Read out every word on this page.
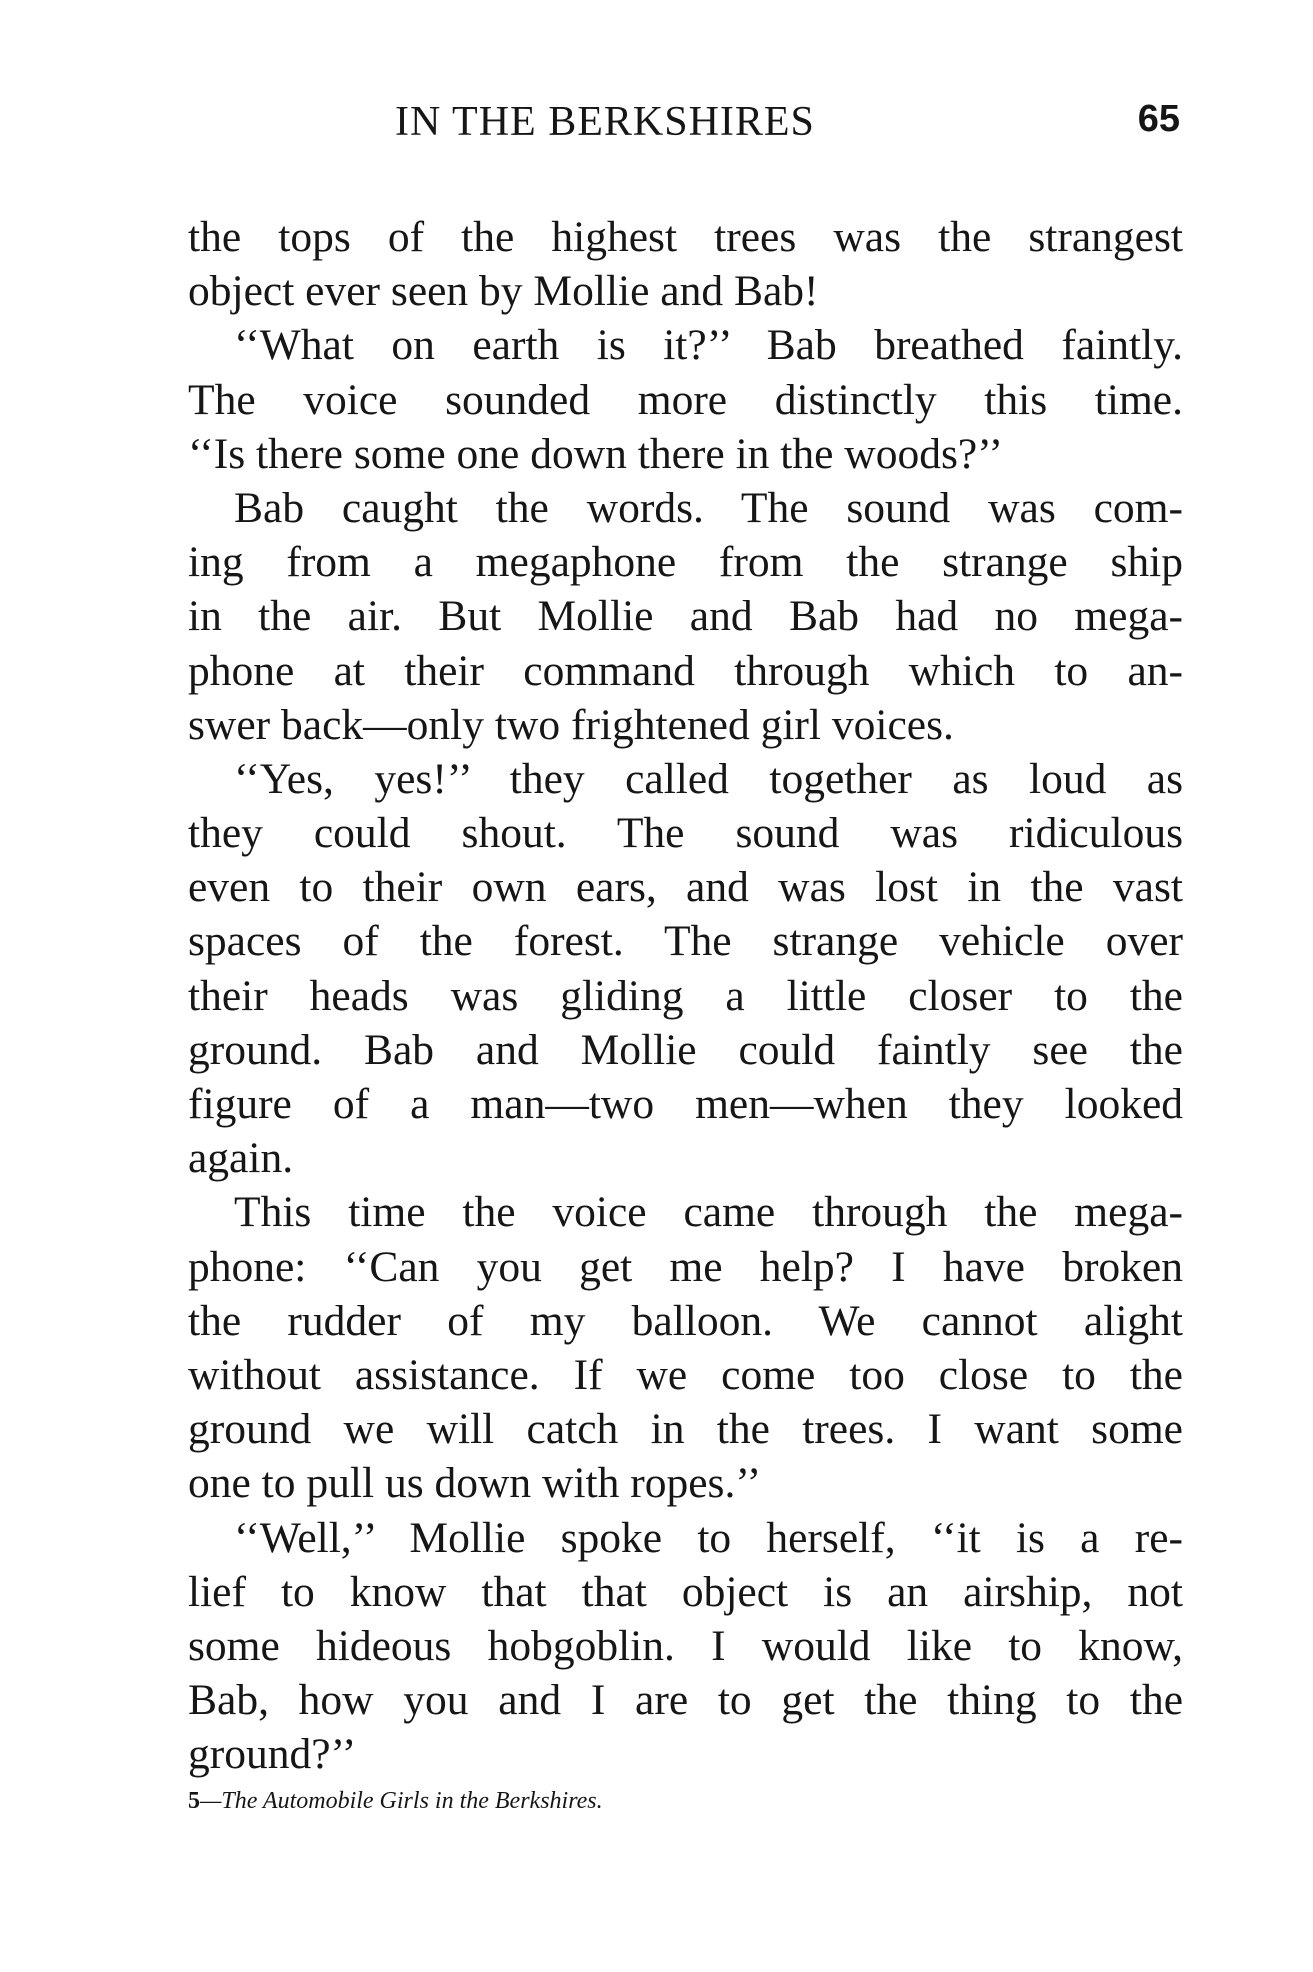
IN THE BERKSHIRES	65
the tops of the highest trees was the strangest
object ever seen by Mollie and Bab!
‘‘What on earth is it?’’ Bab breathed faintly.
The voice sounded more distinctly this time.
‘‘Is there some one down there in the woods?’’
Bab caught the words. The sound was com-
ing from a megaphone from the strange ship
in the air. But Mollie and Bab had no mega-
phone at their command through which to an-
swer back—only two frightened girl voices.
‘‘Yes, yes!’’ they called together as loud as
they could shout. The sound was ridiculous
even to their own ears, and was lost in the vast
spaces of the forest. The strange vehicle over
their heads was gliding a little closer to the
ground. Bab and Mollie could faintly see the
figure of a man—two men—when they looked
again.
This time the voice came through the mega-
phone: ‘‘Can you get me help? I have broken
the rudder of my balloon. We cannot alight
without assistance. If we come too close to the
ground we will catch in the trees. I want some
one to pull us down with ropes.’’
‘‘Well,’’ Mollie spoke to herself, ‘‘it is a re-
lief to know that that object is an airship, not
some hideous hobgoblin. I would like to know,
Bab, how you and I are to get the thing to the
ground?’’
5—The Automobile Girls in the Berkshires.
